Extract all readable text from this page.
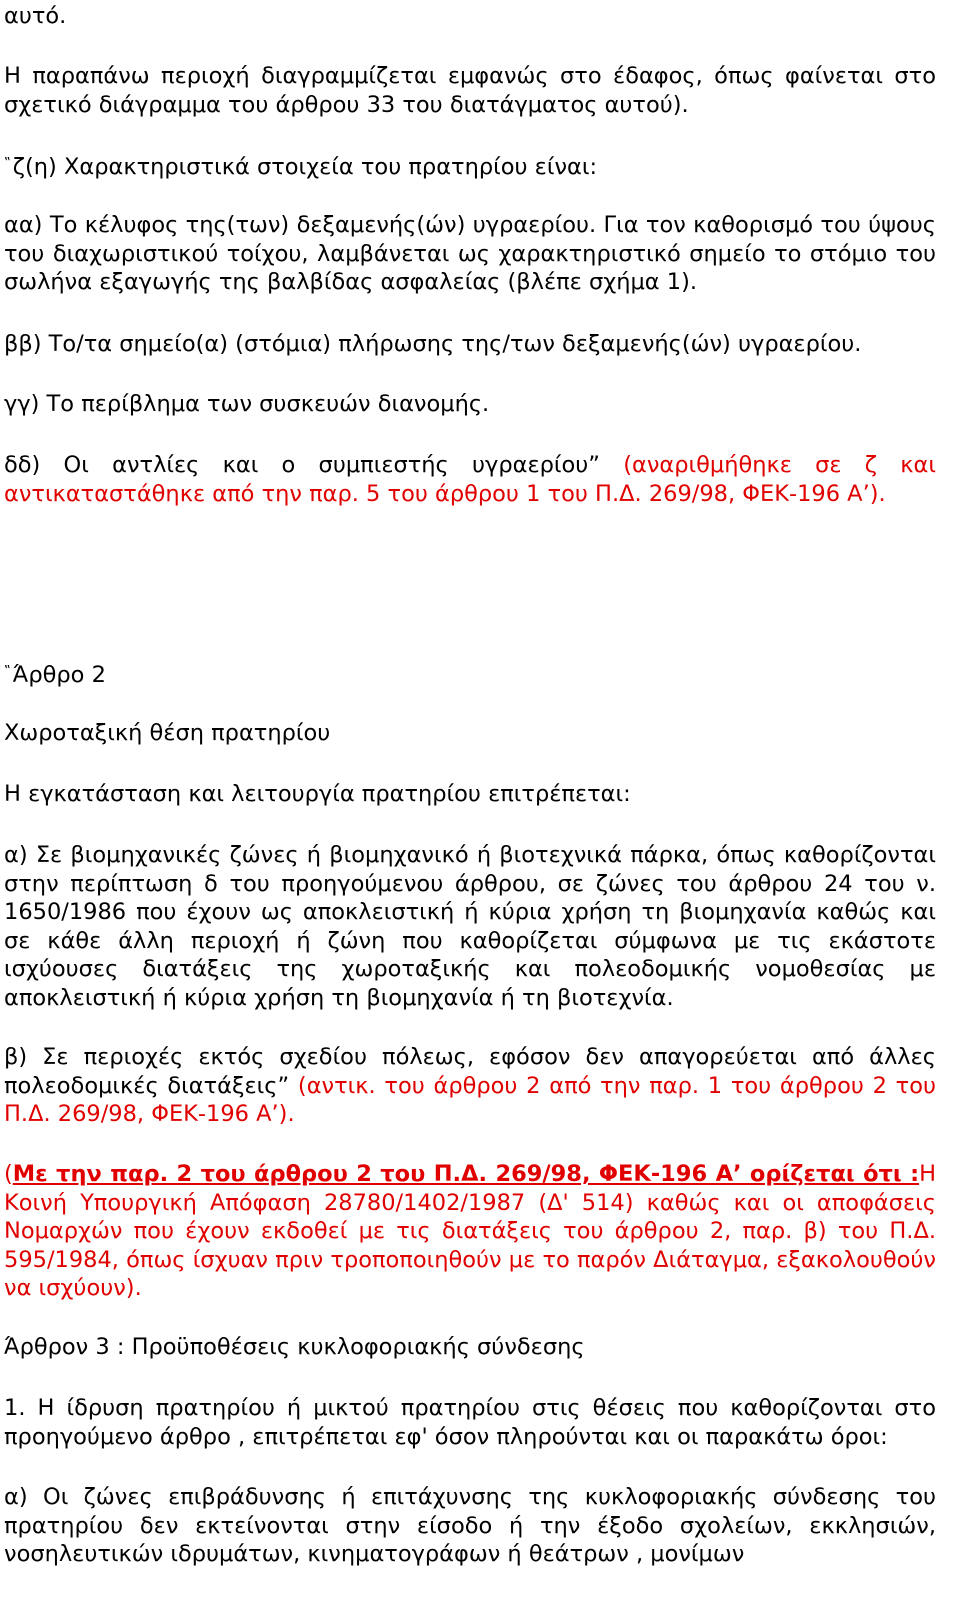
αυτό.

Η παραπάνω περιοχή διαγραμμίζεται εμφανώς στο έδαφος, όπως φαίνεται στο σχετικό διάγραμμα του άρθρου 33 του διατάγματος αυτού).

‟ζ(η) Χαρακτηριστικά στοιχεία του πρατηρίου είναι:

αα) Το κέλυφος της(των) δεξαμενής(ών) υγραερίου. Για τον καθορισμό του ύψους του διαχωριστικού τοίχου, λαμβάνεται ως χαρακτηριστικό σημείο το στόμιο του σωλήνα εξαγωγής της βαλβίδας ασφαλείας (βλέπε σχήμα 1).

ββ) Το/τα σημείο(α) (στόμια) πλήρωσης της/των δεξαμενής(ών) υγραερίου.

γγ) Το περίβλημα των συσκευών διανομής.

δδ) Οι αντλίες και ο συμπιεστής υγραερίου” (αναριθμήθηκε σε ζ και αντικαταστάθηκε από την παρ. 5 του άρθρου 1 του Π.Δ. 269/98, ΦΕΚ-196 Α’).

‟Άρθρο 2

Χωροταξική θέση πρατηρίου

Η εγκατάσταση και λειτουργία πρατηρίου επιτρέπεται:

α) Σε βιομηχανικές ζώνες ή βιομηχανικό ή βιοτεχνικά πάρκα, όπως καθορίζονται στην περίπτωση δ του προηγούμενου άρθρου, σε ζώνες του άρθρου 24 του ν. 1650/1986 που έχουν ως αποκλειστική ή κύρια χρήση τη βιομηχανία καθώς και σε κάθε άλλη περιοχή ή ζώνη που καθορίζεται σύμφωνα με τις εκάστοτε ισχύουσες διατάξεις της χωροταξικής και πολεοδομικής νομοθεσίας με αποκλειστική ή κύρια χρήση τη βιομηχανία ή τη βιοτεχνία.

β) Σε περιοχές εκτός σχεδίου πόλεως, εφόσον δεν απαγορεύεται από άλλες πολεοδομικές διατάξεις” (αντικ. του άρθρου 2 από την παρ. 1 του άρθρου 2 του Π.Δ. 269/98, ΦΕΚ-196 Α’).

(Με την παρ. 2 του άρθρου 2 του Π.Δ. 269/98, ΦΕΚ-196 Α’ ορίζεται ότι :Η Κοινή Υπουργική Απόφαση 28780/1402/1987 (Δ' 514) καθώς και οι αποφάσεις Νομαρχών που έχουν εκδοθεί με τις διατάξεις του άρθρου 2, παρ. β) του Π.Δ. 595/1984, όπως ίσχυαν πριν τροποποιηθούν με το παρόν Διάταγμα, εξακολουθούν να ισχύουν).

Άρθρον 3 : Προϋποθέσεις κυκλοφοριακής σύνδεσης

1. Η ίδρυση πρατηρίου ή μικτού πρατηρίου στις θέσεις που καθορίζονται στο προηγούμενο άρθρο , επιτρέπεται εφ' όσον πληρούνται και οι παρακάτω όροι:

α) Οι ζώνες επιβράδυνσης ή επιτάχυνσης της κυκλοφοριακής σύνδεσης του πρατηρίου δεν εκτείνονται στην είσοδο ή την έξοδο σχολείων, εκκλησιών, νοσηλευτικών ιδρυμάτων, κινηματογράφων ή θεάτρων , μονίμων
